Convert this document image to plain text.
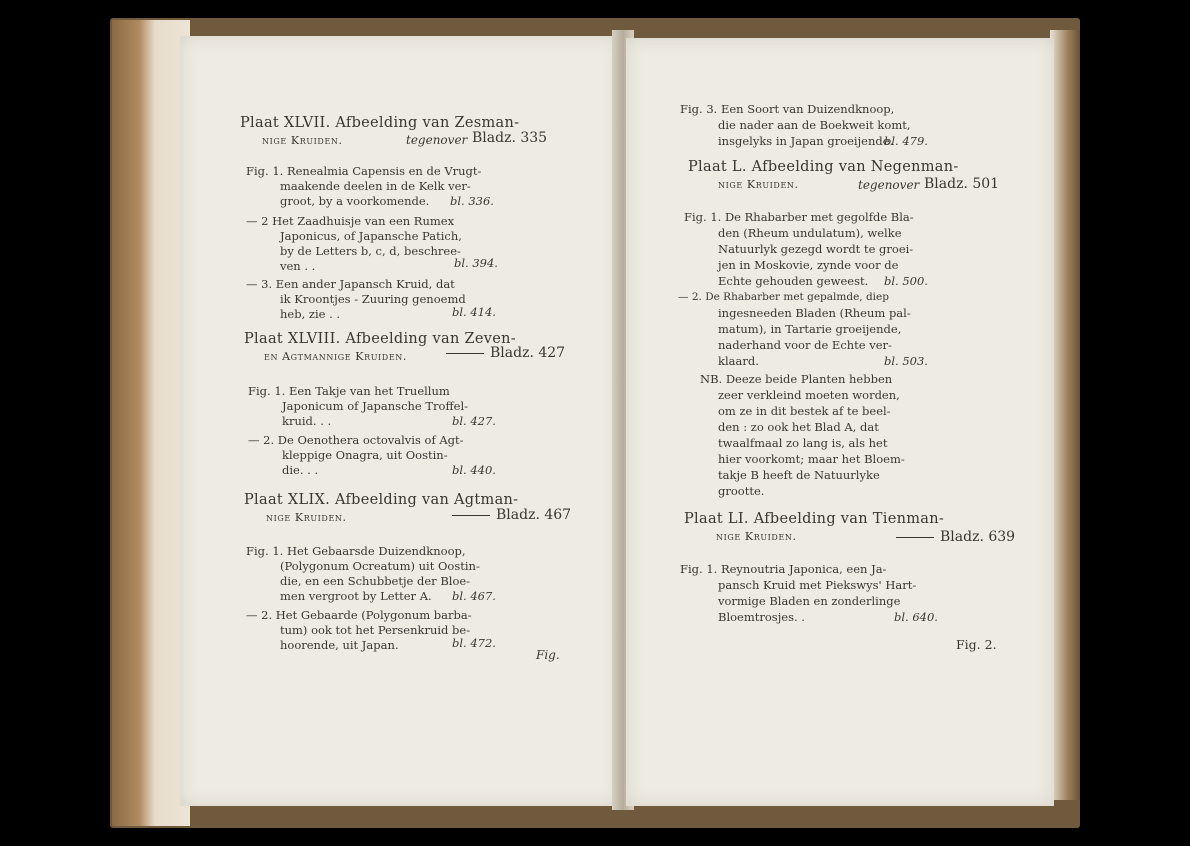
Plaat XLVII. Afbeelding van Zesman-
nige Kruiden.	tegenover Bladz. 335
Fig. 1. Renealmia Capensis en de Vrugt-
maakende deelen in de Kelk ver-
groot, by a voorkomende. bl. 336.
— 2 Het Zaadhuisje van een Rumex
Japonicus, of Japansche Patich,
by de Letters b, c, d, beschree-
ven . .	bl. 394.
— 3. Een ander Japansch Kruid, dat
ik Kroontjes - Zuuring genoemd
heb, zie . .	bl. 414.
Plaat XLVIII. Afbeelding van Zeven-
en Agtmannige Kruiden.	Bladz. 427
Fig. 1. Een Takje van het Truellum
Japonicum of Japansche Troffel-
kruid. . .	bl. 427.
— 2. De Oenothera octovalvis of Agt-
kleppige Onagra, uit Oostin-
die. . .	bl. 440.
Plaat XLIX. Afbeelding van Agtman-
nige Kruiden.	Bladz. 467
Fig. 1. Het Gebaarsde Duizendknoop,
(Polygonum Ocreatum) uit Oostin-
die, en een Schubbetje der Bloe-
men vergroot by Letter A. bl. 467.
— 2. Het Gebaarde (Polygonum barba-
tum) ook tot het Persenkruid be-
hoorende, uit Japan.	bl. 472.
Fig.
Fig. 3. Een Soort van Duizendknoop,
die nader aan de Boekweit komt,
insgelyks in Japan groeijende.
bl. 479.
Plaat L. Afbeelding van Negenman-
nige Kruiden.	tegenover Bladz. 501
Fig. 1. De Rhabarber met gegolfde Bla-
den (Rheum undulatum), welke
Natuurlyk gezegd wordt te groei-
jen in Moskovie, zynde voor de
Echte gehouden geweest. bl. 500.
— 2. De Rhabarber met gepalmde, diep
ingesneeden Bladen (Rheum pal-
matum), in Tartarie groeijende,
naderhand voor de Echte ver-
klaard.	bl. 503.
NB. Deeze beide Planten hebben
zeer verkleind moeten worden,
om ze in dit bestek af te beel-
den : zo ook het Blad A, dat
twaalfmaal zo lang is, als het
hier voorkomt; maar het Bloem-
takje B heeft de Natuurlyke
grootte.
Plaat LI. Afbeelding van Tienman-
nige Kruiden.	Bladz. 639
Fig. 1. Reynoutria Japonica, een Ja-
pansch Kruid met Piekswys' Hart-
vormige Bladen en zonderlinge
Bloemtrosjes. .	bl. 640.
Fig. 2.
